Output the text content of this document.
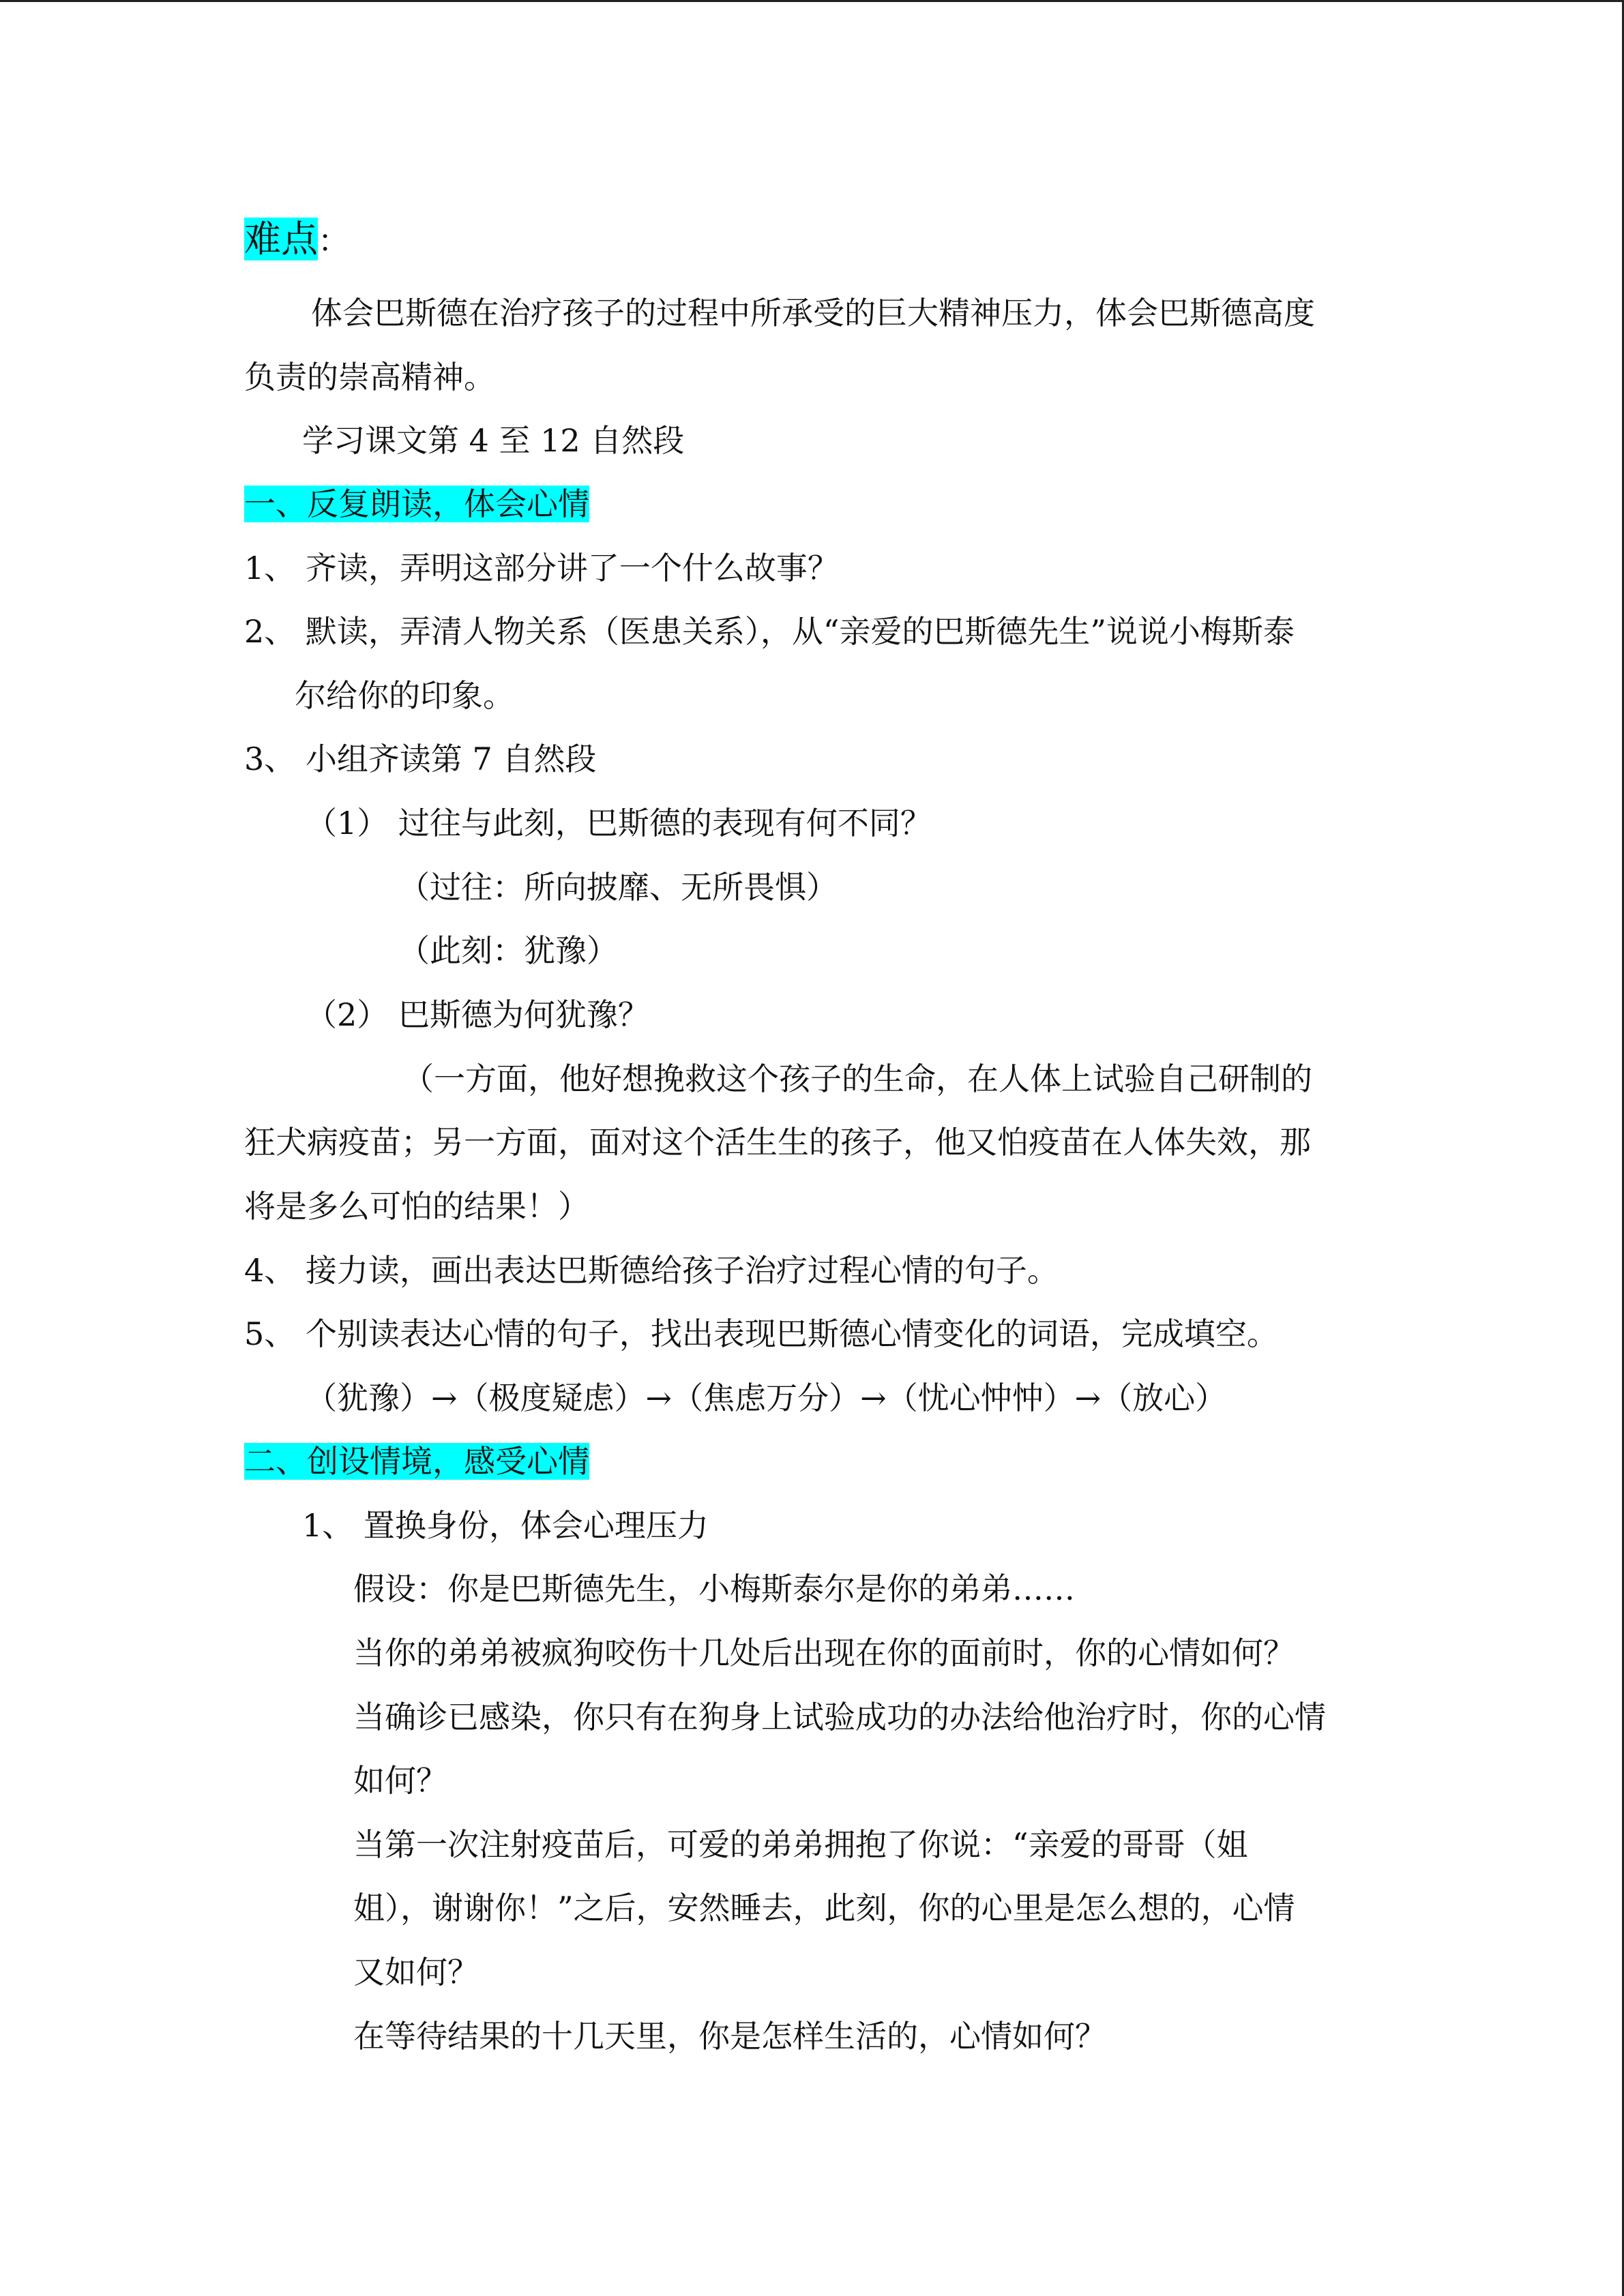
难点：
体会巴斯德在治疗孩子的过程中所承受的巨大精神压力，体会巴斯德高度
负责的崇高精神。
学习课文第 4 至 12 自然段
一、反复朗读，体会心情
1、 齐读，弄明这部分讲了一个什么故事？
2、 默读，弄清人物关系（医患关系），从“亲爱的巴斯德先生”说说小梅斯泰
尔给你的印象。
3、 小组齐读第 7 自然段
（1） 过往与此刻，巴斯德的表现有何不同？
（过往：所向披靡、无所畏惧）
（此刻：犹豫）
（2） 巴斯德为何犹豫？
（一方面，他好想挽救这个孩子的生命，在人体上试验自己研制的
狂犬病疫苗；另一方面，面对这个活生生的孩子，他又怕疫苗在人体失效，那
将是多么可怕的结果！）
4、 接力读，画出表达巴斯德给孩子治疗过程心情的句子。
5、 个别读表达心情的句子，找出表现巴斯德心情变化的词语，完成填空。
（犹豫）→（极度疑虑）→（焦虑万分）→（忧心忡忡）→（放心）
二、创设情境，感受心情
1、 置换身份，体会心理压力
假设：你是巴斯德先生，小梅斯泰尔是你的弟弟……
当你的弟弟被疯狗咬伤十几处后出现在你的面前时，你的心情如何？
当确诊已感染，你只有在狗身上试验成功的办法给他治疗时，你的心情
如何？
当第一次注射疫苗后，可爱的弟弟拥抱了你说：“亲爱的哥哥（姐
姐），谢谢你！”之后，安然睡去，此刻，你的心里是怎么想的，心情
又如何？
在等待结果的十几天里，你是怎样生活的，心情如何？
